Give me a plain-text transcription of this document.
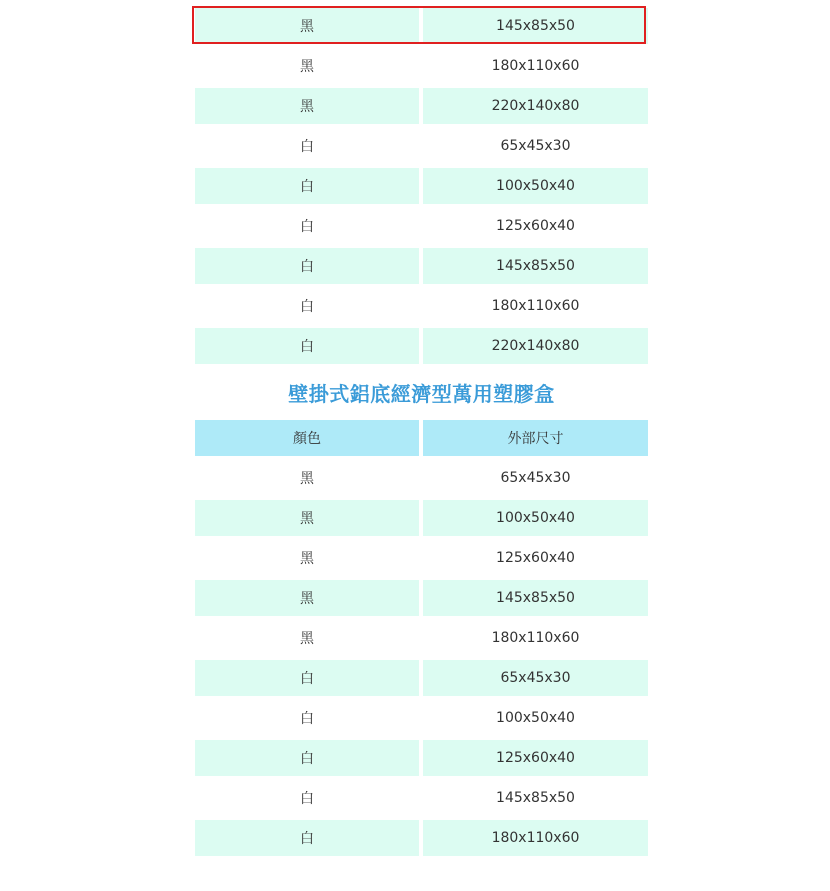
黑	145x85x50
黑	180x110x60
黑	220x140x80
白	65x45x30
白	100x50x40
白	125x60x40
白	145x85x50
白	180x110x60
白	220x140x80
壁掛式鋁底經濟型萬用塑膠盒
顏色	外部尺寸
黑	65x45x30
黑	100x50x40
黑	125x60x40
黑	145x85x50
黑	180x110x60
白	65x45x30
白	100x50x40
白	125x60x40
白	145x85x50
白	180x110x60
